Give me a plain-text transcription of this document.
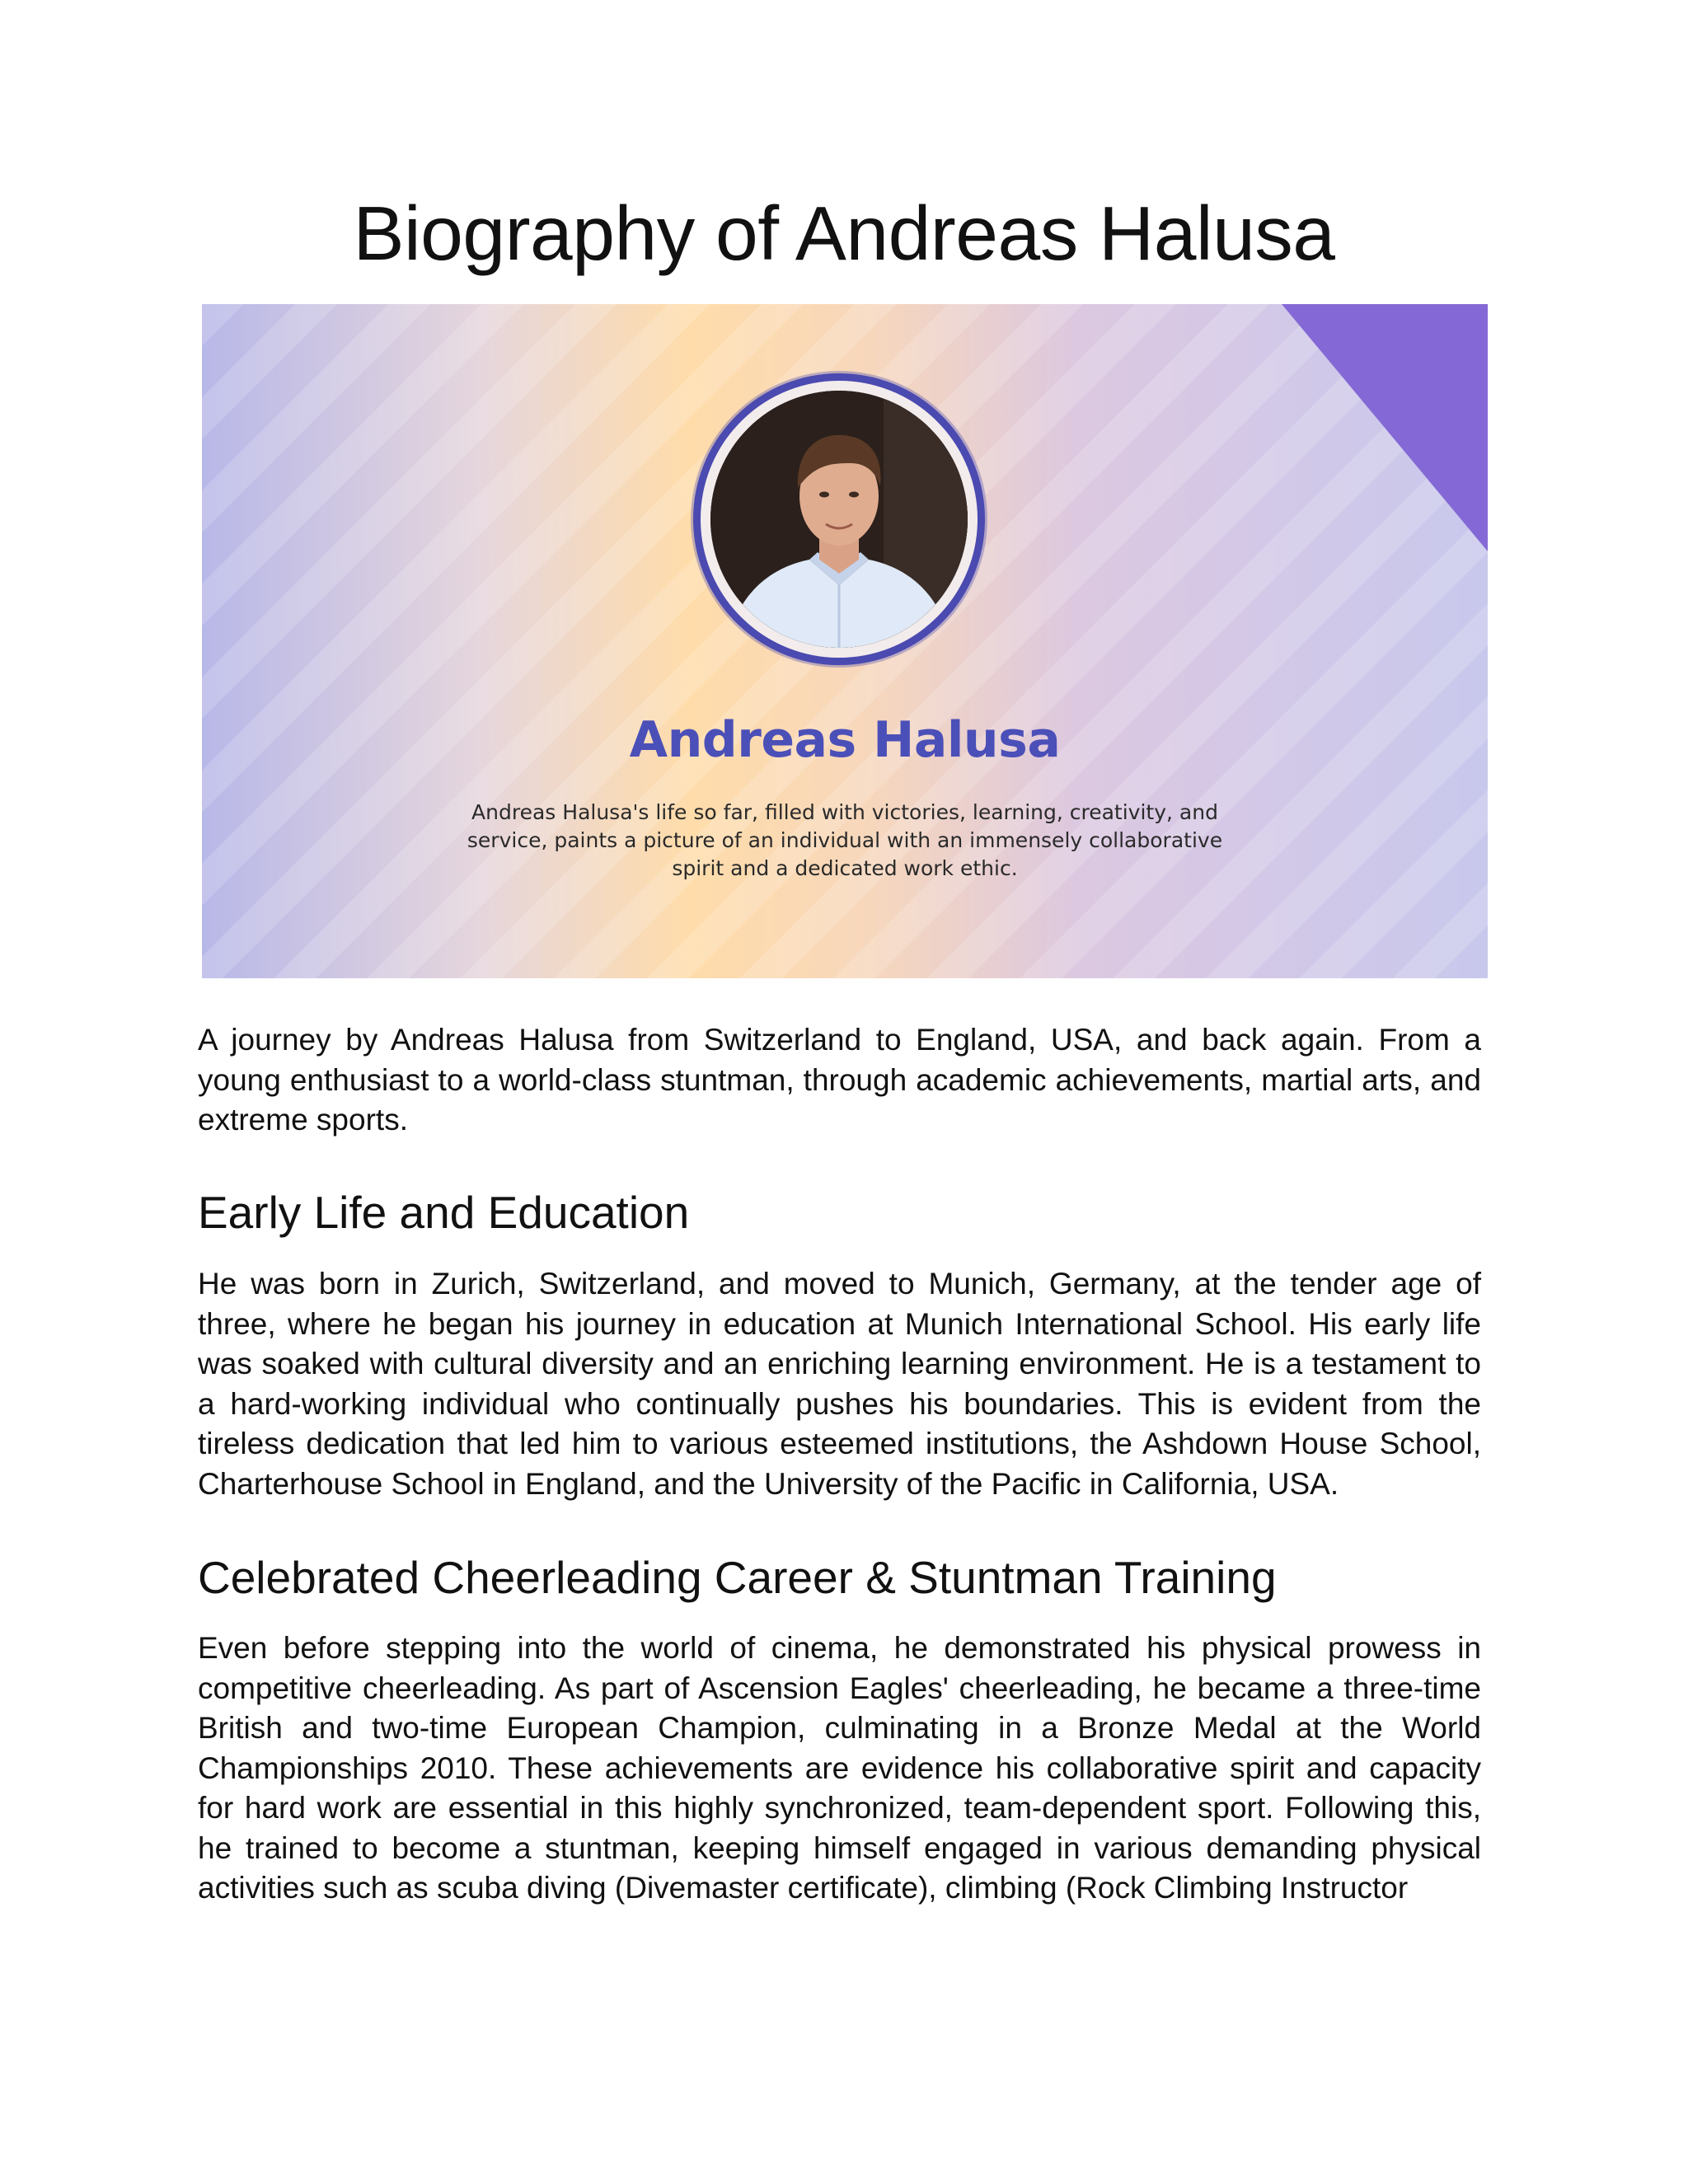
Biography of Andreas Halusa
Andreas Halusa
Andreas Halusa's life so far, filled with victories, learning, creativity, and service, paints a picture of an individual with an immensely collaborative spirit and a dedicated work ethic.

A journey by Andreas Halusa from Switzerland to England, USA, and back again. From a young enthusiast to a world-class stuntman, through academic achievements, martial arts, and extreme sports.

Early Life and Education

He was born in Zurich, Switzerland, and moved to Munich, Germany, at the tender age of three, where he began his journey in education at Munich International School. His early life was soaked with cultural diversity and an enriching learning environment. He is a testament to a hard-working individual who continually pushes his boundaries. This is evident from the tireless dedication that led him to various esteemed institutions, the Ashdown House School, Charterhouse School in England, and the University of the Pacific in California, USA.

Celebrated Cheerleading Career & Stuntman Training

Even before stepping into the world of cinema, he demonstrated his physical prowess in competitive cheerleading. As part of Ascension Eagles' cheerleading, he became a three-time British and two-time European Champion, culminating in a Bronze Medal at the World Championships 2010. These achievements are evidence his collaborative spirit and capacity for hard work are essential in this highly synchronized, team-dependent sport. Following this, he trained to become a stuntman, keeping himself engaged in various demanding physical activities such as scuba diving (Divemaster certificate), climbing (Rock Climbing Instructor
